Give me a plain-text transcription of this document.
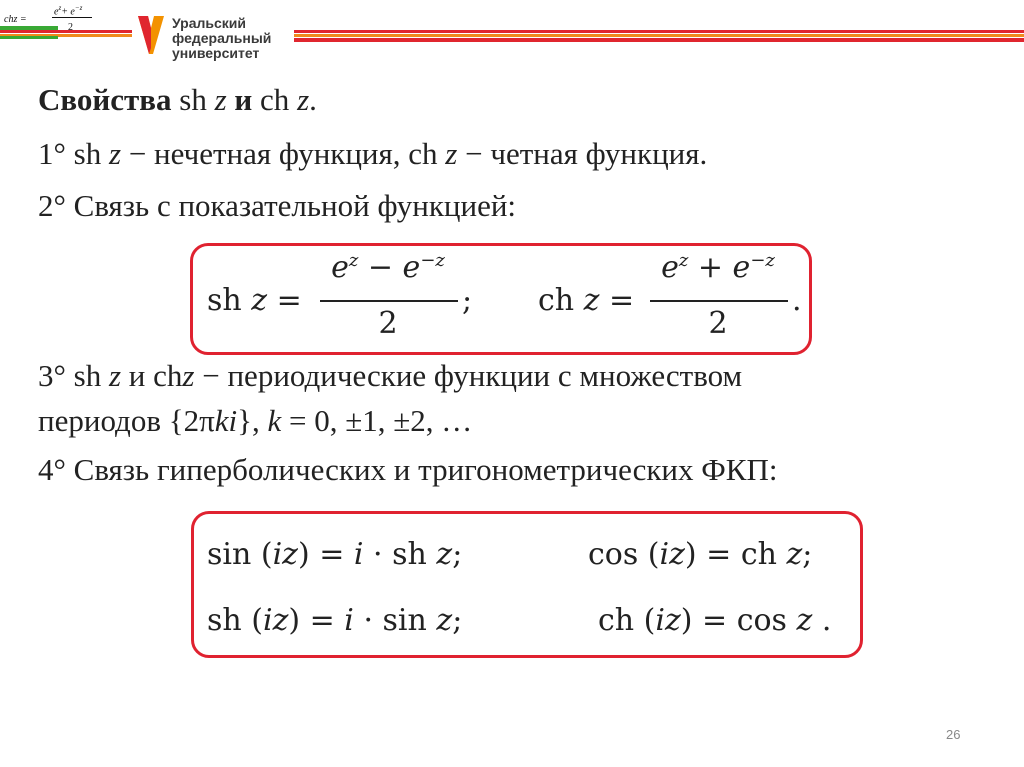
chz =
$e^z+ e^{-z}$
2	Уральский
федеральный
университет
Свойства sh z и ch z.
1° sh z − нечетная функция, ch z − четная функция.
2° Связь с показательной функцией:
sh z =
$e^z - e^{-z}$
2
; ch z =
$e^z + e^{-z}$
2
.
3° sh z и chz − периодические функции с множеством
периодов {2πki}, k = 0, ±1, ±2, …
4° Связь гиперболических и тригонометрических ФКП:
sin (iz) = i · sh z;	cos (iz) = ch z;
sh (iz) = i · sin z;	ch (iz) = cos z .
26
